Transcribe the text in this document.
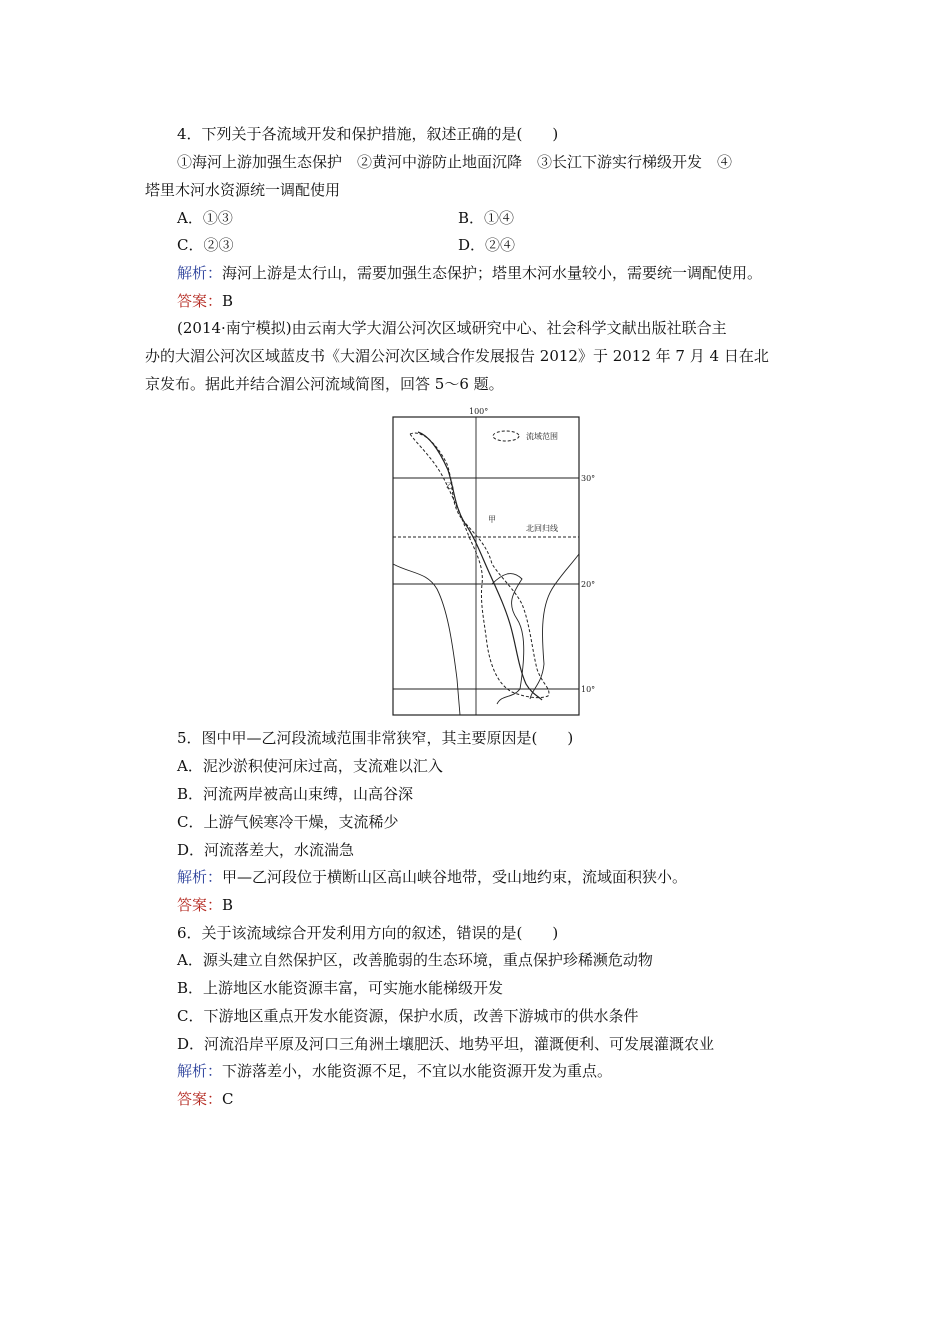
4．下列关于各流域开发和保护措施，叙述正确的是(　　)
①海河上游加强生态保护　②黄河中游防止地面沉降　③长江下游实行梯级开发　④
塔里木河水资源统一调配使用
A．①③	B．①④
C．②③	D．②④
解析：海河上游是太行山，需要加强生态保护；塔里木河水量较小，需要统一调配使用。
答案：B
(2014·南宁模拟)由云南大学大湄公河次区域研究中心、社会科学文献出版社联合主
办的大湄公河次区域蓝皮书《大湄公河次区域合作发展报告 2012》于 2012 年 7 月 4 日在北
京发布。据此并结合湄公河流域简图，回答 5～6 题。
流域范围
100°
30°
20°
10°
北回归线
乙
甲
5．图中甲—乙河段流域范围非常狭窄，其主要原因是(　　)
A．泥沙淤积使河床过高，支流难以汇入
B．河流两岸被高山束缚，山高谷深
C．上游气候寒冷干燥，支流稀少
D．河流落差大，水流湍急
解析：甲—乙河段位于横断山区高山峡谷地带，受山地约束，流域面积狭小。
答案：B
6．关于该流域综合开发利用方向的叙述，错误的是(　　)
A．源头建立自然保护区，改善脆弱的生态环境，重点保护珍稀濒危动物
B．上游地区水能资源丰富，可实施水能梯级开发
C．下游地区重点开发水能资源，保护水质，改善下游城市的供水条件
D．河流沿岸平原及河口三角洲土壤肥沃、地势平坦，灌溉便利、可发展灌溉农业
解析：下游落差小，水能资源不足，不宜以水能资源开发为重点。
答案：C
